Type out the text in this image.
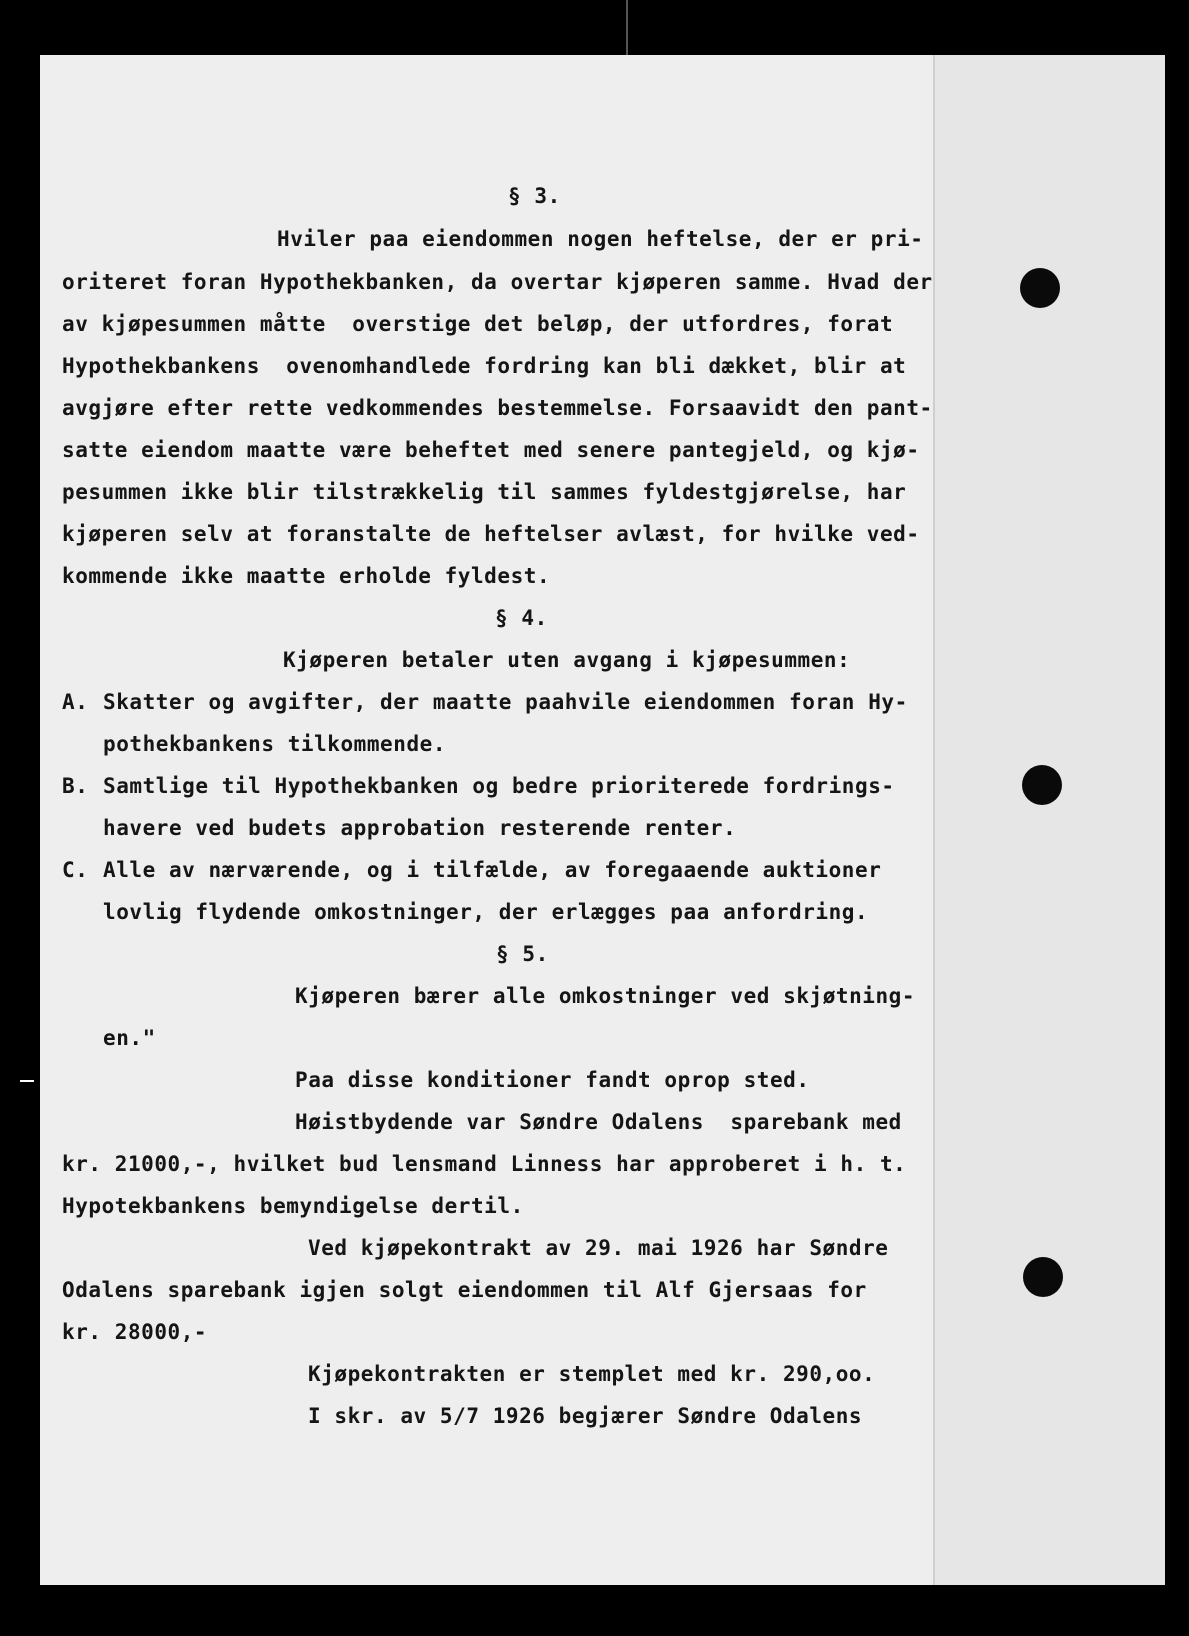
§ 3.
Hviler paa eiendommen nogen heftelse, der er pri-
oriteret foran Hypothekbanken, da overtar kjøperen samme. Hvad der
av kjøpesummen måtte  overstige det beløp, der utfordres, forat
Hypothekbankens  ovenomhandlede fordring kan bli dækket, blir at
avgjøre efter rette vedkommendes bestemmelse. Forsaavidt den pant-
satte eiendom maatte være beheftet med senere pantegjeld, og kjø-
pesummen ikke blir tilstrækkelig til sammes fyldestgjørelse, har
kjøperen selv at foranstalte de heftelser avlæst, for hvilke ved-
kommende ikke maatte erholde fyldest.
§ 4.
Kjøperen betaler uten avgang i kjøpesummen:
A. Skatter og avgifter, der maatte paahvile eiendommen foran Hy-
pothekbankens tilkommende.
B. Samtlige til Hypothekbanken og bedre prioriterede fordrings-
havere ved budets approbation resterende renter.
C. Alle av nærværende, og i tilfælde, av foregaaende auktioner
lovlig flydende omkostninger, der erlægges paa anfordring.
§ 5.
Kjøperen bærer alle omkostninger ved skjøtning-
en."
Paa disse konditioner fandt oprop sted.
Høistbydende var Søndre Odalens  sparebank med
kr. 21000,-, hvilket bud lensmand Linness har approberet i h. t.
Hypotekbankens bemyndigelse dertil.
Ved kjøpekontrakt av 29. mai 1926 har Søndre
Odalens sparebank igjen solgt eiendommen til Alf Gjersaas for
kr. 28000,-
Kjøpekontrakten er stemplet med kr. 290,oo.
I skr. av 5/7 1926 begjærer Søndre Odalens
